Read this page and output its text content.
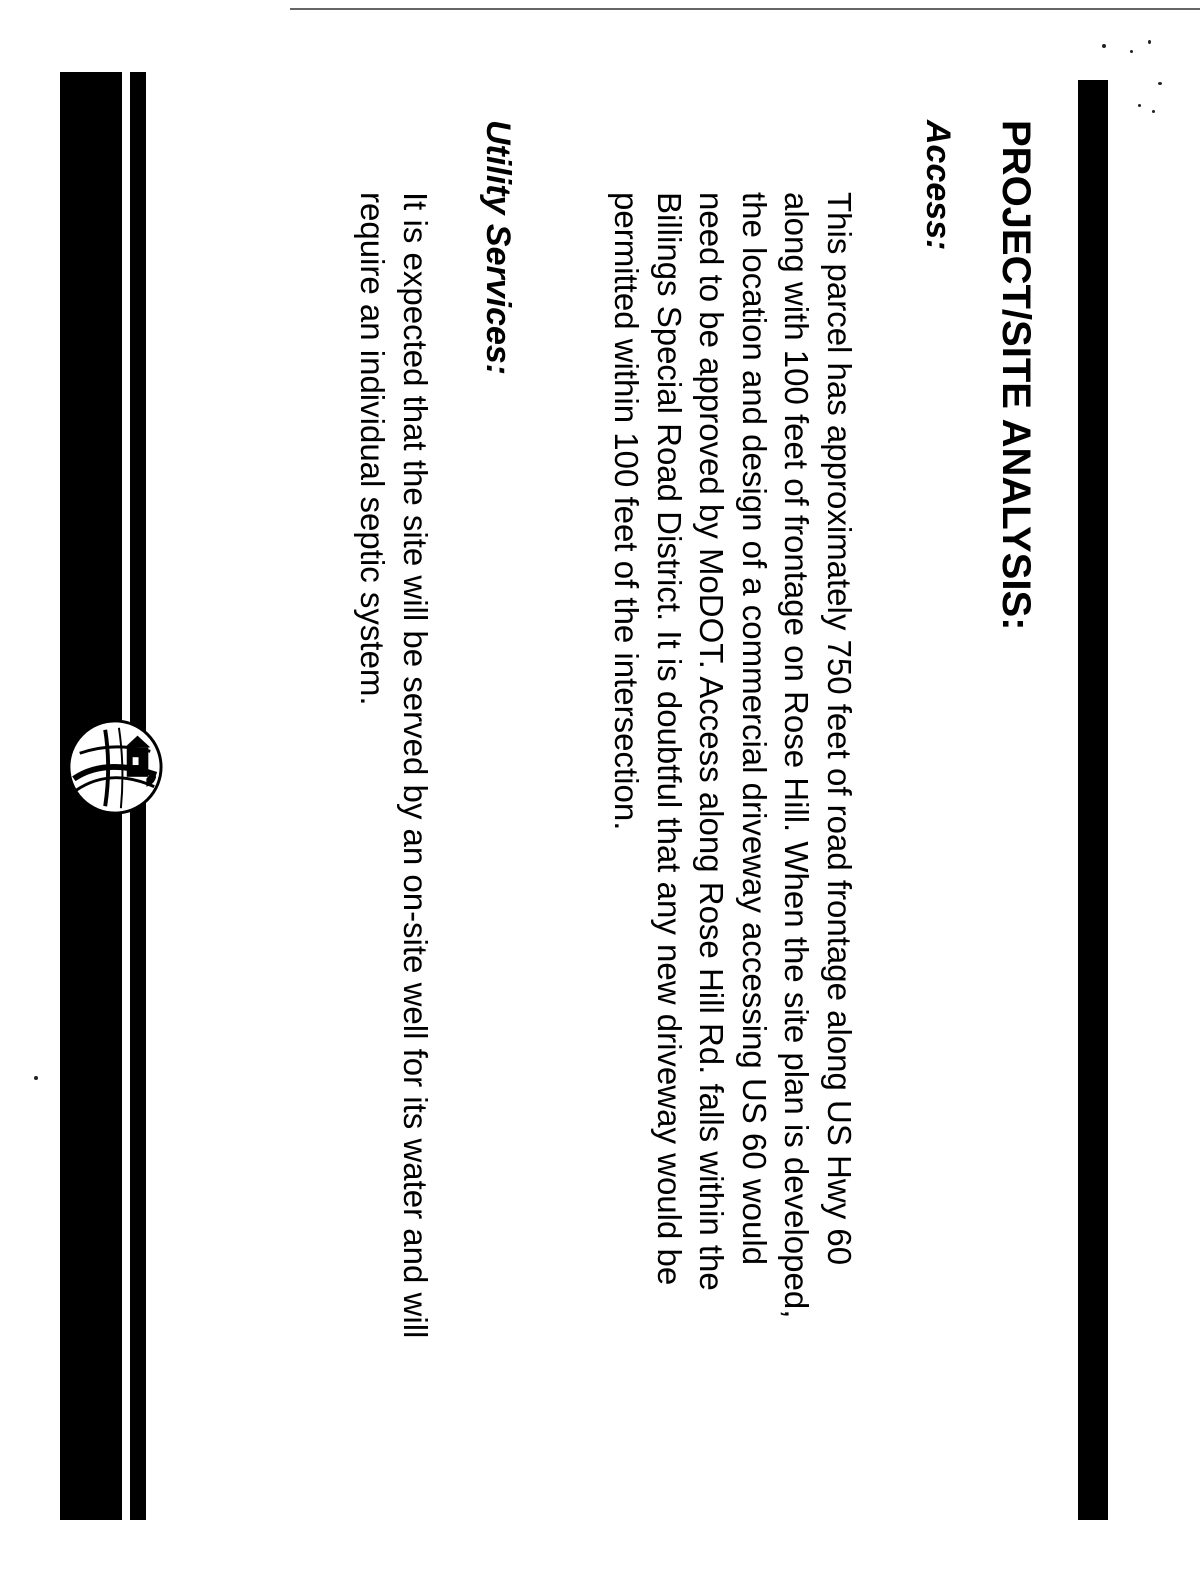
PROJECT/SITE ANALYSIS:
Access:

This parcel has approximately 750 feet of road frontage along US Hwy 60
along with 100 feet of frontage on Rose Hill. When the site plan is developed,
the location and design of a commercial driveway accessing US 60 would
need to be approved by MoDOT. Access along Rose Hill Rd. falls within the
Billings Special Road District. It is doubtful that any new driveway would be
permitted within 100 feet of the intersection.

Utility Services:

It is expected that the site will be served by an on-site well for its water and will
require an individual septic system.
